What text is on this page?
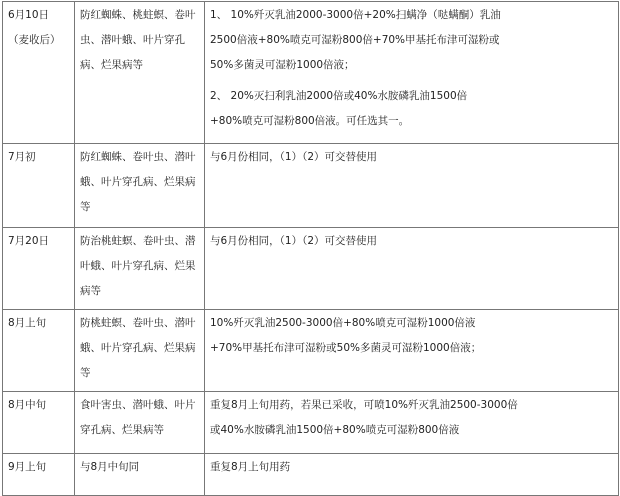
6月10日
（麦收后）	防红蜘蛛、桃蛀螟、卷叶虫、潜叶蛾、叶片穿孔病、烂果病等	1、 10%歼灭乳油2000-3000倍+20%扫螨净（哒螨酮）乳油
2500倍液+80%喷克可湿粉800倍+70%甲基托布津可湿粉或
50%多菌灵可湿粉1000倍液；
2、 20%灭扫利乳油2000倍或40%水胺磷乳油1500倍
+80%喷克可湿粉800倍液。可任选其一。

7月初	防红蜘蛛、卷叶虫、潜叶蛾、叶片穿孔病、烂果病等	与6月份相同，（1）（2）可交替使用

7月20日	防治桃蛀螟、卷叶虫、潜叶蛾、叶片穿孔病、烂果病等	与6月份相同，（1）（2）可交替使用

8月上旬	防桃蛀螟、卷叶虫、潜叶蛾、叶片穿孔病、烂果病等	10%歼灭乳油2500-3000倍+80%喷克可湿粉1000倍液
+70%甲基托布津可湿粉或50%多菌灵可湿粉1000倍液；

8月中旬	食叶害虫、潜叶蛾、叶片穿孔病、烂果病等	重复8月上旬用药，若果已采收，可喷10%歼灭乳油2500-3000倍
或40%水胺磷乳油1500倍+80%喷克可湿粉800倍液

9月上旬	与8月中旬同	重复8月上旬用药
